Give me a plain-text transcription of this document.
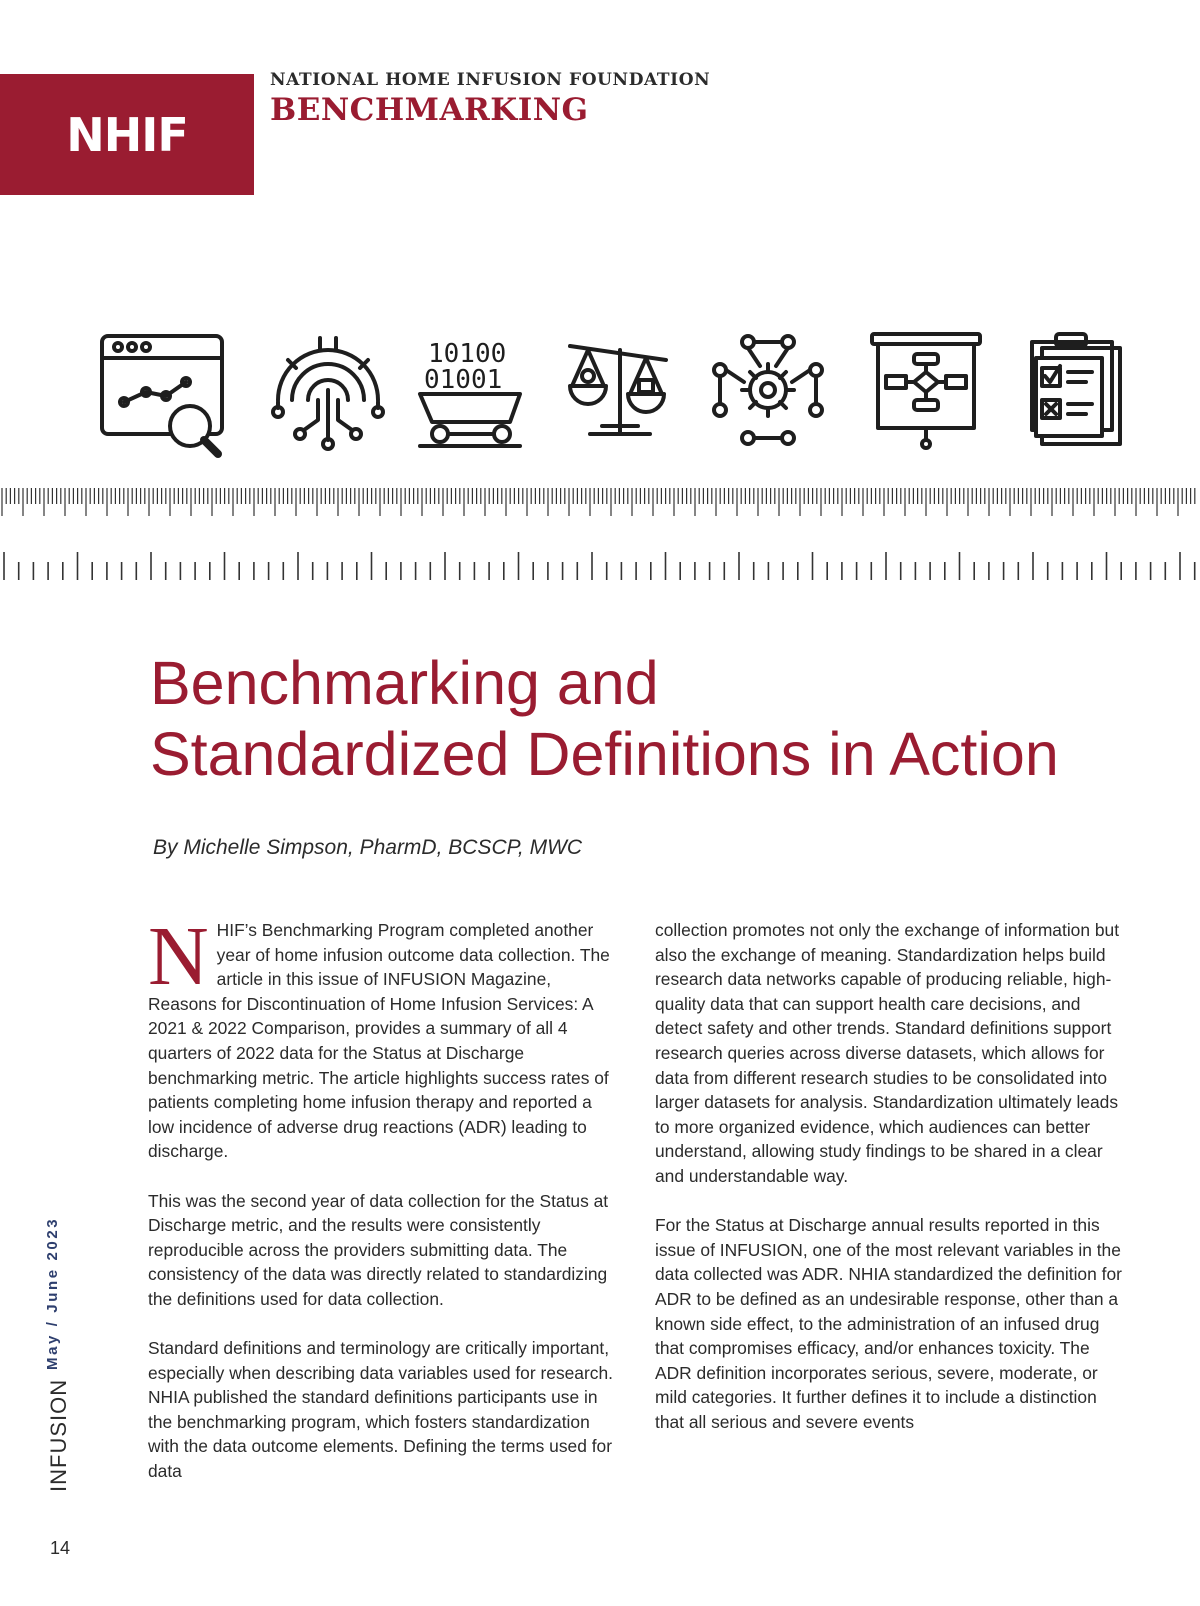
NHIF
NATIONAL HOME INFUSION FOUNDATION
BENCHMARKING
10100
01001
Benchmarking and
Standardized Definitions in Action
By Michelle Simpson, PharmD, BCSCP, MWC

NHIF’s Benchmarking Program completed another year of home infusion outcome data collection. The article in this issue of INFUSION Magazine, Reasons for Discontinuation of Home Infusion Services: A 2021 & 2022 Comparison, provides a summary of all 4 quarters of 2022 data for the Status at Discharge benchmarking metric. The article highlights success rates of patients completing home infusion therapy and reported a low incidence of adverse drug reactions (ADR) leading to discharge.

This was the second year of data collection for the Status at Discharge metric, and the results were consistently reproducible across the providers submitting data. The consistency of the data was directly related to standardizing the definitions used for data collection.

Standard definitions and terminology are critically important, especially when describing data variables used for research. NHIA published the standard definitions participants use in the benchmarking program, which fosters standardization with the data outcome elements. Defining the terms used for data

collection promotes not only the exchange of information but also the exchange of meaning. Standardization helps build research data networks capable of producing reliable, high-quality data that can support health care decisions, and detect safety and other trends. Standard definitions support research queries across diverse datasets, which allows for data from different research studies to be consolidated into larger datasets for analysis. Standardization ultimately leads to more organized evidence, which audiences can better understand, allowing study findings to be shared in a clear and understandable way.

For the Status at Discharge annual results reported in this issue of INFUSION, one of the most relevant variables in the data collected was ADR. NHIA standardized the definition for ADR to be defined as an undesirable response, other than a known side effect, to the administration of an infused drug that compromises efficacy, and/or enhances toxicity. The ADR definition incorporates serious, severe, moderate, or mild categories. It further defines it to include a distinction that all serious and severe events

May / June 2023
INFUSION
14
